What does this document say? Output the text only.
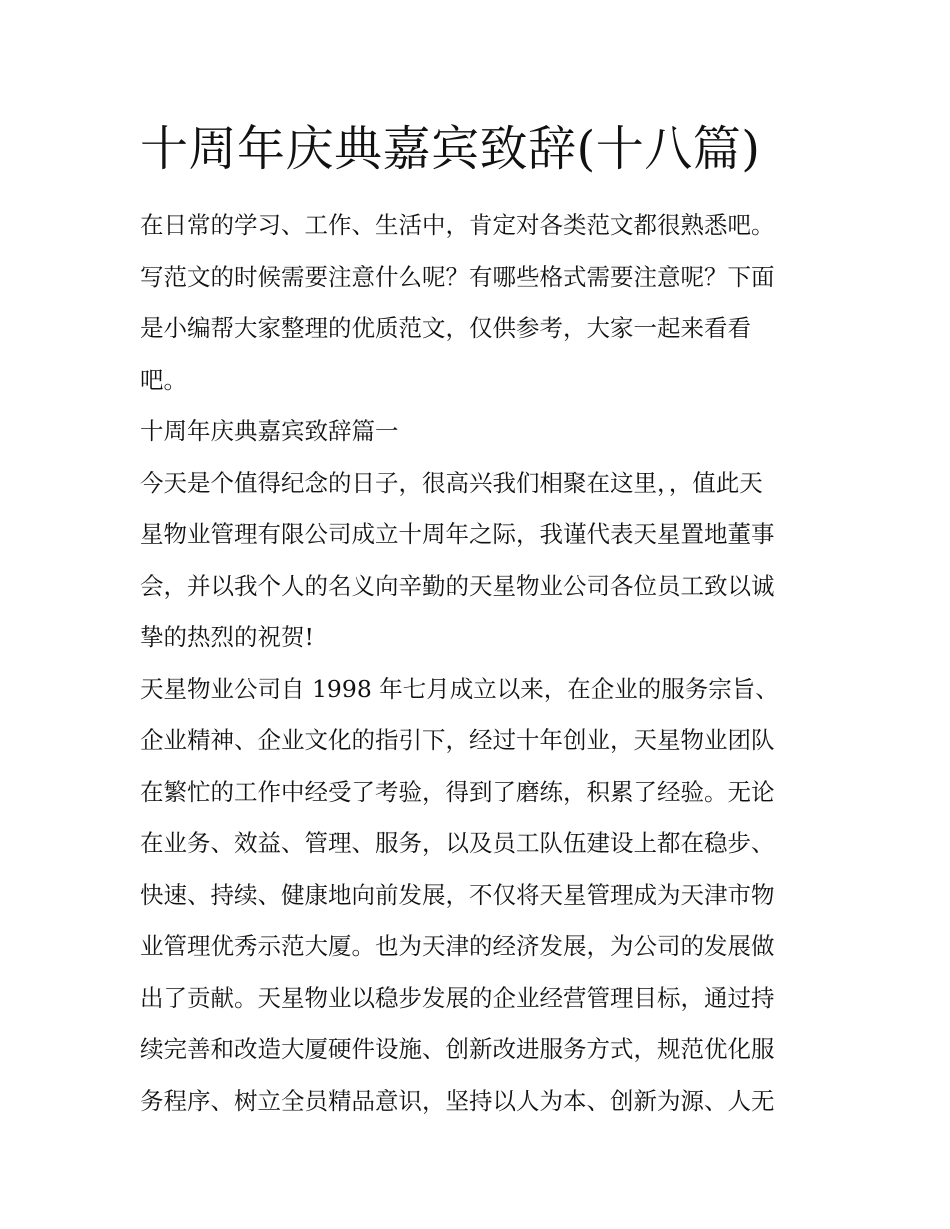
十周年庆典嘉宾致辞(十八篇)
在日常的学习、工作、生活中，肯定对各类范文都很熟悉吧。
写范文的时候需要注意什么呢？有哪些格式需要注意呢？下面
是小编帮大家整理的优质范文，仅供参考，大家一起来看看
吧。
十周年庆典嘉宾致辞篇一
今天是个值得纪念的日子，很高兴我们相聚在这里，，值此天
星物业管理有限公司成立十周年之际，我谨代表天星置地董事
会，并以我个人的名义向辛勤的天星物业公司各位员工致以诚
挚的热烈的祝贺!
天星物业公司自 1998 年七月成立以来，在企业的服务宗旨、
企业精神、企业文化的指引下，经过十年创业，天星物业团队
在繁忙的工作中经受了考验，得到了磨练，积累了经验。无论
在业务、效益、管理、服务，以及员工队伍建设上都在稳步、
快速、持续、健康地向前发展，不仅将天星管理成为天津市物
业管理优秀示范大厦。也为天津的经济发展，为公司的发展做
出了贡献。天星物业以稳步发展的企业经营管理目标，通过持
续完善和改造大厦硬件设施、创新改进服务方式，规范优化服
务程序、树立全员精品意识，坚持以人为本、创新为源、人无
